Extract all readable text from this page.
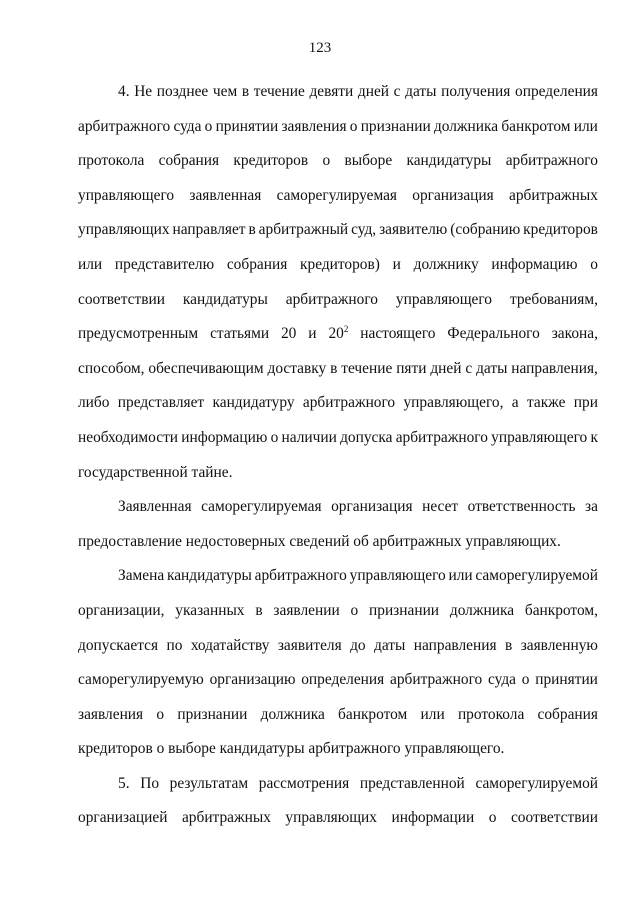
123
4. Не позднее чем в течение девяти дней с даты получения определения
арбитражного суда о принятии заявления о признании должника банкротом или
протокола собрания кредиторов о выборе кандидатуры арбитражного
управляющего заявленная саморегулируемая организация арбитражных
управляющих направляет в арбитражный суд, заявителю (собранию кредиторов
или представителю собрания кредиторов) и должнику информацию о
соответствии кандидатуры арбитражного управляющего требованиям,
предусмотренным статьями 20 и $20^2$ настоящего Федерального закона,
способом, обеспечивающим доставку в течение пяти дней с даты направления,
либо представляет кандидатуру арбитражного управляющего, а также при
необходимости информацию о наличии допуска арбитражного управляющего к
государственной тайне.
Заявленная саморегулируемая организация несет ответственность за
предоставление недостоверных сведений об арбитражных управляющих.
Замена кандидатуры арбитражного управляющего или саморегулируемой
организации, указанных в заявлении о признании должника банкротом,
допускается по ходатайству заявителя до даты направления в заявленную
саморегулируемую организацию определения арбитражного суда о принятии
заявления о признании должника банкротом или протокола собрания
кредиторов о выборе кандидатуры арбитражного управляющего.
5. По результатам рассмотрения представленной саморегулируемой
организацией арбитражных управляющих информации о соответствии
